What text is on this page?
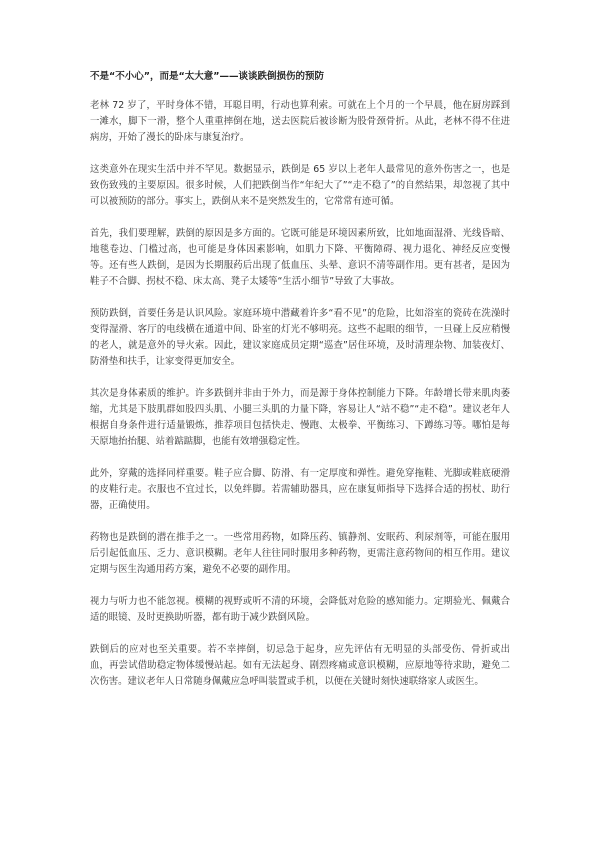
不是“不小心”，而是“太大意”——谈谈跌倒损伤的预防

老林 72 岁了，平时身体不错，耳聪目明，行动也算利索。可就在上个月的一个早晨，他在厨房踩到一滩水，脚下一滑，整个人重重摔倒在地，送去医院后被诊断为股骨颈骨折。从此，老林不得不住进病房，开始了漫长的卧床与康复治疗。

这类意外在现实生活中并不罕见。数据显示，跌倒是 65 岁以上老年人最常见的意外伤害之一，也是致伤致残的主要原因。很多时候，人们把跌倒当作“年纪大了”“走不稳了”的自然结果，却忽视了其中可以被预防的部分。事实上，跌倒从来不是突然发生的，它常常有迹可循。

首先，我们要理解，跌倒的原因是多方面的。它既可能是环境因素所致，比如地面湿滑、光线昏暗、地毯卷边、门槛过高，也可能是身体因素影响，如肌力下降、平衡障碍、视力退化、神经反应变慢等。还有些人跌倒，是因为长期服药后出现了低血压、头晕、意识不清等副作用。更有甚者，是因为鞋子不合脚、拐杖不稳、床太高、凳子太矮等“生活小细节”导致了大事故。

预防跌倒，首要任务是认识风险。家庭环境中潜藏着许多“看不见”的危险，比如浴室的瓷砖在洗澡时变得湿滑、客厅的电线横在通道中间、卧室的灯光不够明亮。这些不起眼的细节，一旦碰上反应稍慢的老人，就是意外的导火索。因此，建议家庭成员定期“巡查”居住环境，及时清理杂物、加装夜灯、防滑垫和扶手，让家变得更加安全。

其次是身体素质的维护。许多跌倒并非由于外力，而是源于身体控制能力下降。年龄增长带来肌肉萎缩，尤其是下肢肌群如股四头肌、小腿三头肌的力量下降，容易让人“站不稳”“走不稳”。建议老年人根据自身条件进行适量锻炼，推荐项目包括快走、慢跑、太极拳、平衡练习、下蹲练习等。哪怕是每天原地抬抬腿、站着踮踮脚，也能有效增强稳定性。

此外，穿戴的选择同样重要。鞋子应合脚、防滑、有一定厚度和弹性。避免穿拖鞋、光脚或鞋底硬滑的皮鞋行走。衣服也不宜过长，以免绊脚。若需辅助器具，应在康复师指导下选择合适的拐杖、助行器，正确使用。

药物也是跌倒的潜在推手之一。一些常用药物，如降压药、镇静剂、安眠药、利尿剂等，可能在服用后引起低血压、乏力、意识模糊。老年人往往同时服用多种药物，更需注意药物间的相互作用。建议定期与医生沟通用药方案，避免不必要的副作用。

视力与听力也不能忽视。模糊的视野或听不清的环境，会降低对危险的感知能力。定期验光、佩戴合适的眼镜、及时更换助听器，都有助于减少跌倒风险。

跌倒后的应对也至关重要。若不幸摔倒，切忌急于起身，应先评估有无明显的头部受伤、骨折或出血，再尝试借助稳定物体缓慢站起。如有无法起身、剧烈疼痛或意识模糊，应原地等待求助，避免二次伤害。建议老年人日常随身佩戴应急呼叫装置或手机，以便在关键时刻快速联络家人或医生。
